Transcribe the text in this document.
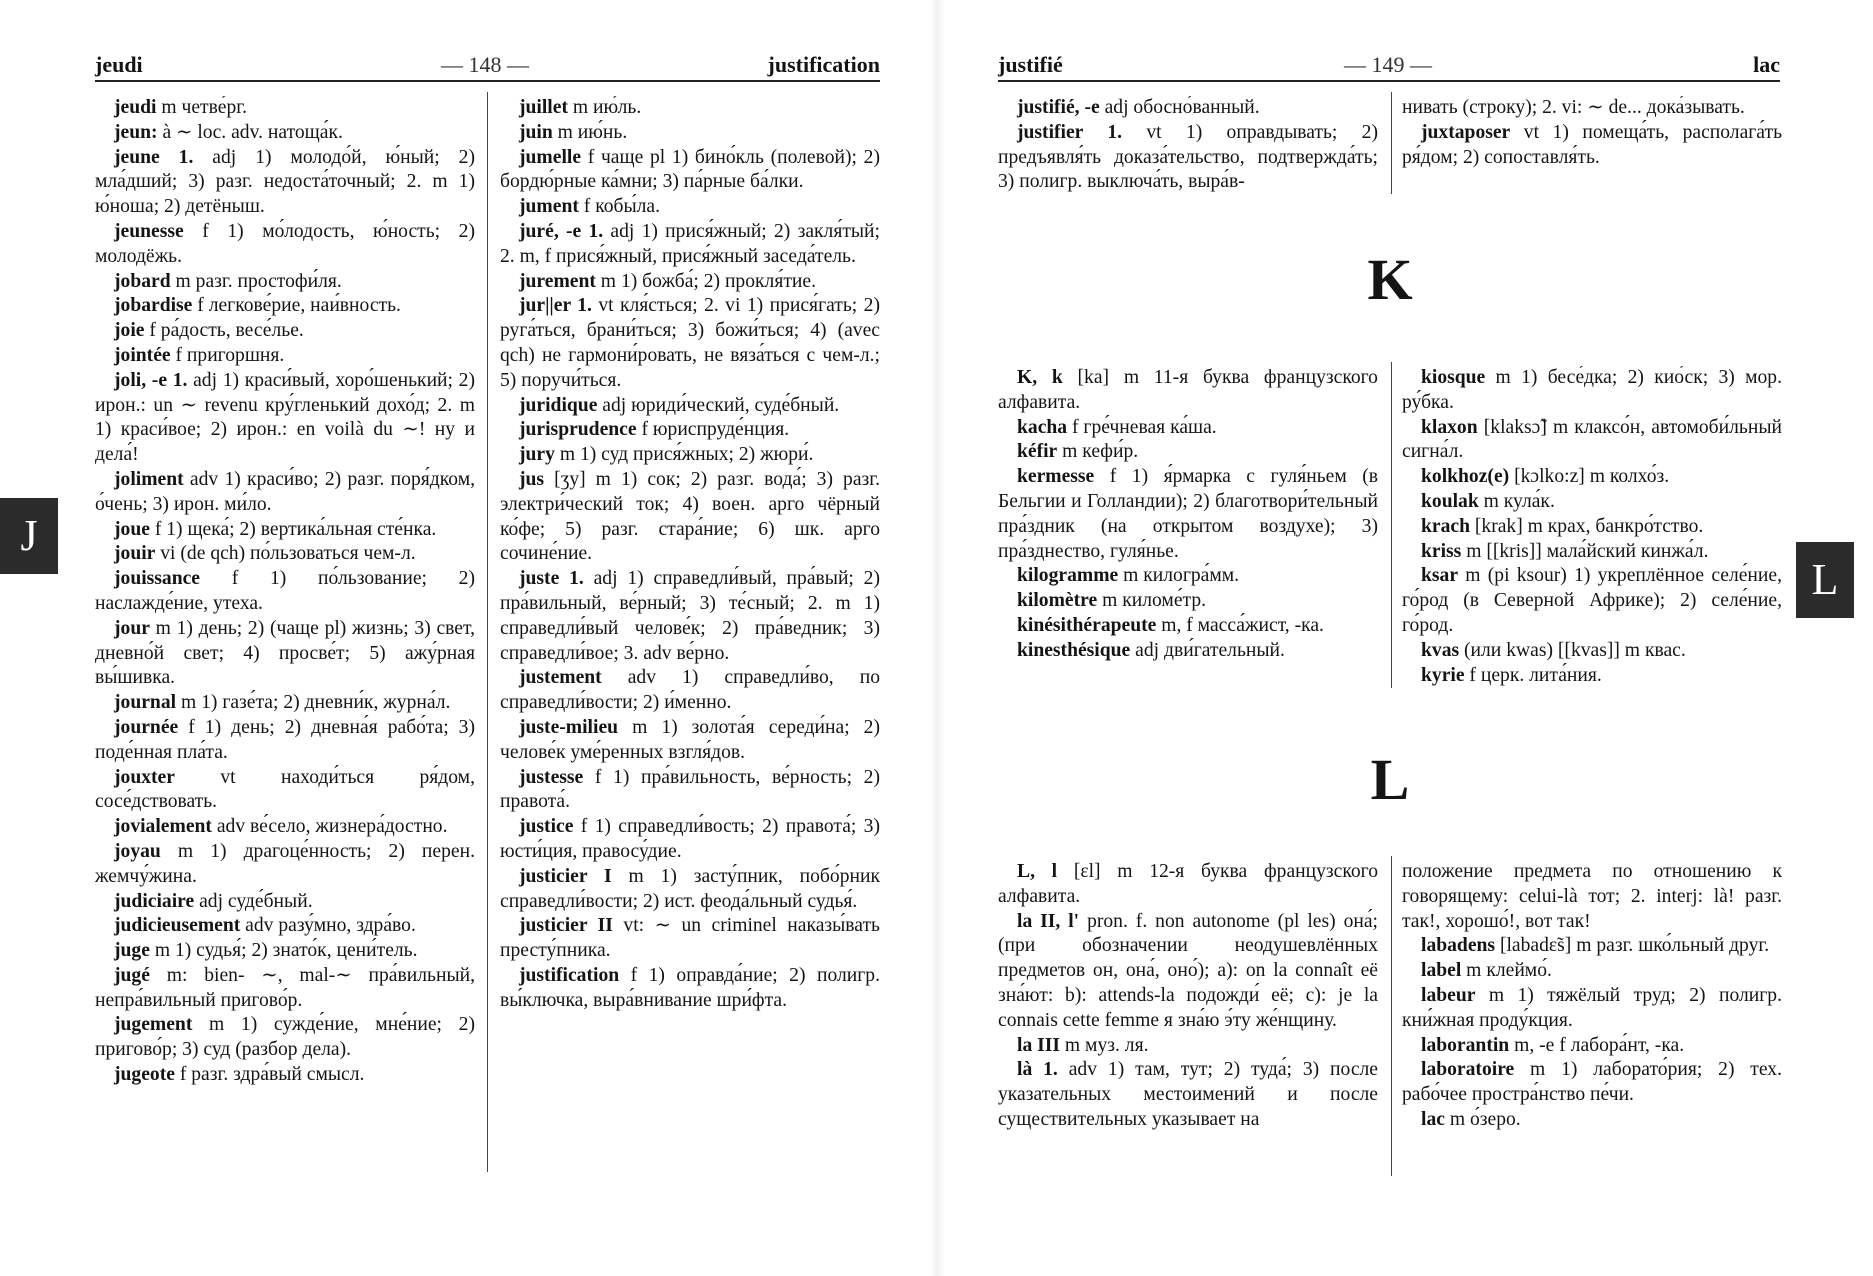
jeudi	— 148 —	justification
jeudi m четве́рг.
jeun: à ∼ loc. adv. натоща́к.
jeune 1. adj 1) молодо́й, ю́ный; 2) мла́дший; 3) разг. недоста́точный; 2. m 1) ю́ноша; 2) детёныш.
jeunesse f 1) мо́лодость, ю́ность; 2) молодёжь.
jobard m разг. простофи́ля.
jobardise f легкове́рие, наи́вность.
joie f ра́дость, весе́лье.
jointée f пригоршня.
joli, -e 1. adj 1) краси́вый, хоро́шенький; 2) ирон.: un ∼ revenu кру́гленький дохо́д; 2. m 1) краси́вое; 2) ирон.: en voilà du ∼! ну и дела́!
joliment adv 1) краси́во; 2) разг. поря́дком, о́чень; 3) ирон. ми́ло.
joue f 1) щека́; 2) вертика́льная сте́нка.
jouir vi (de qch) по́льзоваться чем-л.
jouissance f 1) по́льзование; 2) наслажде́ние, утеха.
jour m 1) день; 2) (чаще pl) жизнь; 3) свет, дневно́й свет; 4) просве́т; 5) ажу́рная вы́шивка.
journal m 1) газе́та; 2) дневни́к, журна́л.
journée f 1) день; 2) дневна́я рабо́та; 3) поде́нная пла́та.
jouxter vt находи́ться ря́дом, сосе́дствовать.
jovialement adv ве́село, жизнера́достно.
joyau m 1) драгоце́нность; 2) перен. жемчу́жина.
judiciaire adj суде́бный.
judicieusement adv разу́мно, здра́во.
juge m 1) судья́; 2) знато́к, цени́тель.
jugé m: bien- ∼, mal-∼ пра́вильный, непра́вильный пригово́р.
jugement m 1) сужде́ние, мне́ние; 2) пригово́р; 3) суд (разбор дела).
jugeote f разг. здра́вый смысл.
juillet m ию́ль.
juin m ию́нь.
jumelle f чаще pl 1) бино́кль (полевой); 2) бордю́рные ка́мни; 3) па́рные ба́лки.
jument f кобы́ла.
juré, -e 1. adj 1) прися́жный; 2) закля́тый; 2. m, f прися́жный, прися́жный заседа́тель.
jurement m 1) божба́; 2) прокля́тие.
jur||er 1. vt кля́сться; 2. vi 1) прися́гать; 2) руга́ться, брани́ться; 3) божи́ться; 4) (avec qch) не гармони́ровать, не вяза́ться с чем-л.; 5) поручи́ться.
juridique adj юриди́ческий, суде́бный.
jurisprudence f юриспруде́нция.
jury m 1) суд прися́жных; 2) жюри́.
jus [ʒy] m 1) сок; 2) разг. вода́; 3) разг. электри́ческий ток; 4) воен. арго чёрный ко́фе; 5) разг. стара́ние; 6) шк. арго сочине́ние.
juste 1. adj 1) справедли́вый, пра́вый; 2) пра́вильный, ве́рный; 3) те́сный; 2. m 1) справедли́вый челове́к; 2) пра́ведник; 3) справедли́вое; 3. adv ве́рно.
justement adv 1) справедли́во, по справедли́вости; 2) и́менно.
juste-milieu m 1) золота́я середи́на; 2) челове́к уме́ренных взгля́дов.
justesse f 1) пра́вильность, ве́рность; 2) правота́.
justice f 1) справедли́вость; 2) правота́; 3) юсти́ция, правосу́дие.
justicier I m 1) засту́пник, побо́рник справедли́вости; 2) ист. феода́льный судья́.
justicier II vt: ∼ un criminel наказы́вать престу́пника.
justification f 1) оправда́ние; 2) полигр. вы́ключка, выра́внивание шри́фта.
J
justifié	— 149 —	lac
justifié, -e adj обосно́ванный.
justifier 1. vt 1) оправдывать; 2) предъявля́ть доказа́тельство, подтвержда́ть; 3) полигр. выключа́ть, выра́в-
нивать (строку); 2. vi: ∼ de... дока́зывать.
juxtaposer vt 1) помеща́ть, располага́ть ря́дом; 2) сопоставля́ть.
K
K, k [ka] m 11-я буква французского алфавита.
kacha f гре́чневая ка́ша.
kéfir m кефи́р.
kermesse f 1) я́рмарка с гуля́ньем (в Бельгии и Голландии); 2) благотвори́тельный пра́здник (на открытом воздухе); 3) пра́зднество, гуля́нье.
kilogramme m килогра́мм.
kilomètre m киломе́тр.
kinésithérapeute m, f масса́жист, -ка.
kinesthésique adj дви́гательный.
kiosque m 1) бесе́дка; 2) кио́ск; 3) мор. ру́бка.
klaxon [klaksɔ̃] m клаксо́н, автомоби́льный сигна́л.
kolkhoz(e) [kɔlko:z] m колхо́з.
koulak m кула́к.
krach [krak] m крах, банкро́тство.
kriss m [[kris]] мала́йский кинжа́л.
ksar m (pi ksour) 1) укреплённое селе́ние, го́род (в Северной Африке); 2) селе́ние, го́род.
kvas (или kwas) [[kvas]] m квас.
kyrie f церк. лита́ния.
L
L, l [ɛl] m 12-я буква французского алфавита.
la II, l' pron. f. non autonome (pl les) она́; (при обозначении неодушевлённых предметов он, она́, оно́); a): on la connaît её зна́ют: b): attends-la подожди́ её; c): je la connais cette femme я зна́ю э́ту же́нщину.
la III m муз. ля.
là 1. adv 1) там, тут; 2) туда́; 3) после указательных местоимений и после существительных указывает на
положение предмета по отношению к говорящему: celui-là тот; 2. interj: là! разг. так!, хорошо́!, вот так!
labadens [labadɛ̃s] m разг. шко́льный друг.
label m клеймо́.
labeur m 1) тяжёлый труд; 2) полигр. кни́жная проду́кция.
laborantin m, -e f лабора́нт, -ка.
laboratoire m 1) лаборато́рия; 2) тех. рабо́чее простра́нство пе́чи.
lac m о́зеро.
L
